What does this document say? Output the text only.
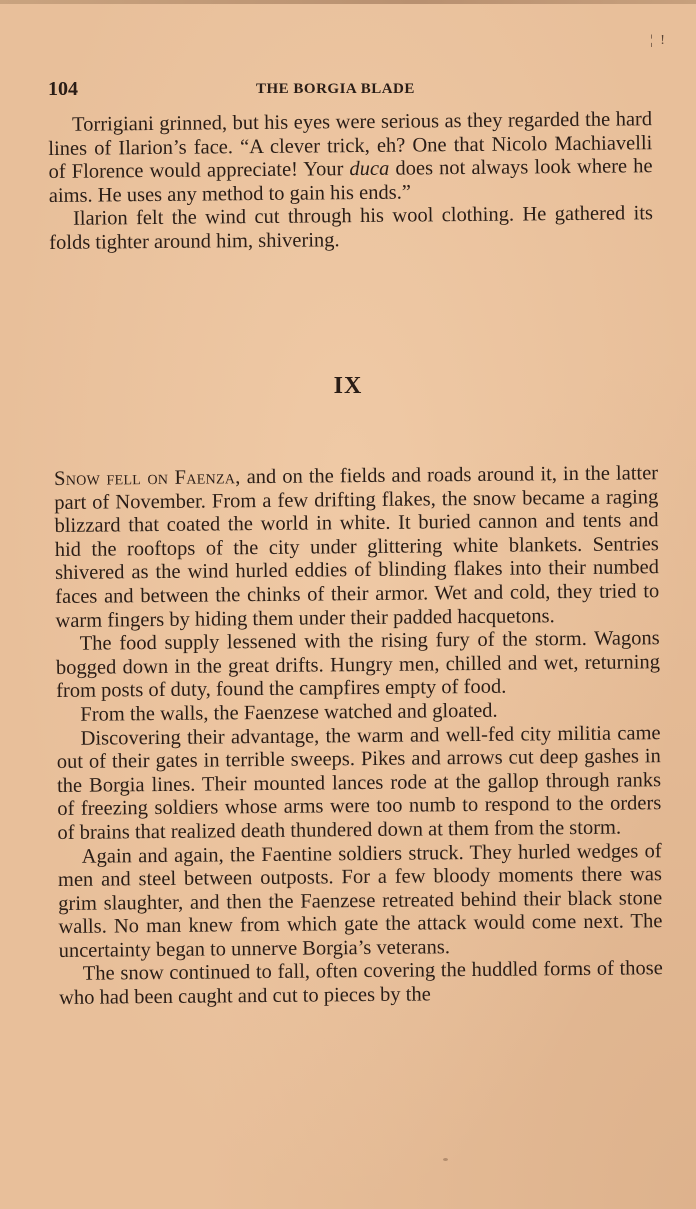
¦ !
104	THE BORGIA BLADE

Torrigiani grinned, but his eyes were serious as they regarded the hard lines of Ilarion’s face. “A clever trick, eh? One that Nicolo Machiavelli of Florence would appreciate! Your duca does not always look where he aims. He uses any method to gain his ends.”

Ilarion felt the wind cut through his wool clothing. He gathered its folds tighter around him, shivering.

IX

Snow fell on Faenza, and on the fields and roads around it, in the latter part of November. From a few drifting flakes, the snow became a raging blizzard that coated the world in white. It buried cannon and tents and hid the rooftops of the city under glittering white blankets. Sentries shivered as the wind hurled eddies of blinding flakes into their numbed faces and between the chinks of their armor. Wet and cold, they tried to warm fingers by hiding them under their padded hacquetons.

The food supply lessened with the rising fury of the storm. Wagons bogged down in the great drifts. Hungry men, chilled and wet, returning from posts of duty, found the campfires empty of food.

From the walls, the Faenzese watched and gloated.

Discovering their advantage, the warm and well-fed city militia came out of their gates in terrible sweeps. Pikes and arrows cut deep gashes in the Borgia lines. Their mounted lances rode at the gallop through ranks of freezing soldiers whose arms were too numb to respond to the orders of brains that realized death thundered down at them from the storm.

Again and again, the Faentine soldiers struck. They hurled wedges of men and steel between outposts. For a few bloody moments there was grim slaughter, and then the Faenzese retreated behind their black stone walls. No man knew from which gate the attack would come next. The uncertainty began to unnerve Borgia’s veterans.

The snow continued to fall, often covering the huddled forms of those who had been caught and cut to pieces by the
